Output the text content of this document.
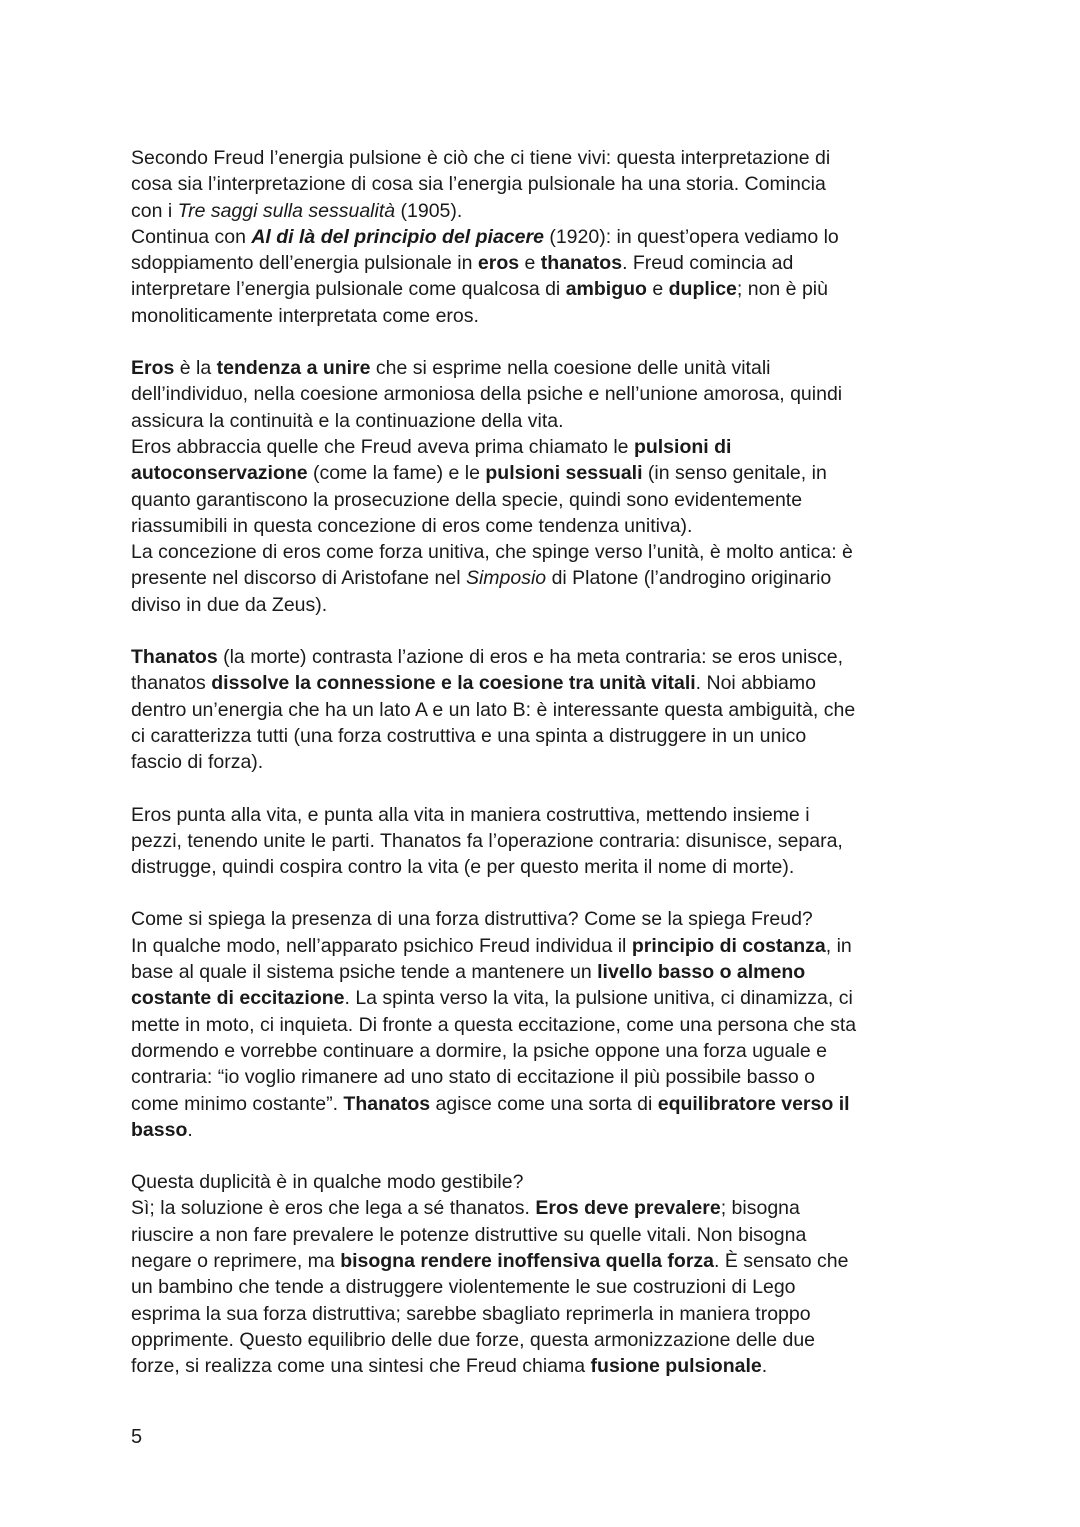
Secondo Freud l’energia pulsione è ciò che ci tiene vivi: questa interpretazione di
cosa sia l’interpretazione di cosa sia l’energia pulsionale ha una storia. Comincia
con i Tre saggi sulla sessualità (1905).
Continua con Al di là del principio del piacere (1920): in quest’opera vediamo lo
sdoppiamento dell’energia pulsionale in eros e thanatos. Freud comincia ad
interpretare l’energia pulsionale come qualcosa di ambiguo e duplice; non è più
monoliticamente interpretata come eros.
Eros è la tendenza a unire che si esprime nella coesione delle unità vitali
dell’individuo, nella coesione armoniosa della psiche e nell’unione amorosa, quindi
assicura la continuità e la continuazione della vita.
Eros abbraccia quelle che Freud aveva prima chiamato le pulsioni di
autoconservazione (come la fame) e le pulsioni sessuali (in senso genitale, in
quanto garantiscono la prosecuzione della specie, quindi sono evidentemente
riassumibili in questa concezione di eros come tendenza unitiva).
La concezione di eros come forza unitiva, che spinge verso l’unità, è molto antica: è
presente nel discorso di Aristofane nel Simposio di Platone (l’androgino originario
diviso in due da Zeus).
Thanatos (la morte) contrasta l’azione di eros e ha meta contraria: se eros unisce,
thanatos dissolve la connessione e la coesione tra unità vitali. Noi abbiamo
dentro un’energia che ha un lato A e un lato B: è interessante questa ambiguità, che
ci caratterizza tutti (una forza costruttiva e una spinta a distruggere in un unico
fascio di forza).
Eros punta alla vita, e punta alla vita in maniera costruttiva, mettendo insieme i
pezzi, tenendo unite le parti. Thanatos fa l’operazione contraria: disunisce, separa,
distrugge, quindi cospira contro la vita (e per questo merita il nome di morte).
Come si spiega la presenza di una forza distruttiva? Come se la spiega Freud?
In qualche modo, nell’apparato psichico Freud individua il principio di costanza, in
base al quale il sistema psiche tende a mantenere un livello basso o almeno
costante di eccitazione. La spinta verso la vita, la pulsione unitiva, ci dinamizza, ci
mette in moto, ci inquieta. Di fronte a questa eccitazione, come una persona che sta
dormendo e vorrebbe continuare a dormire, la psiche oppone una forza uguale e
contraria: “io voglio rimanere ad uno stato di eccitazione il più possibile basso o
come minimo costante”. Thanatos agisce come una sorta di equilibratore verso il
basso.
Questa duplicità è in qualche modo gestibile?
Sì; la soluzione è eros che lega a sé thanatos. Eros deve prevalere; bisogna
riuscire a non fare prevalere le potenze distruttive su quelle vitali. Non bisogna
negare o reprimere, ma bisogna rendere inoffensiva quella forza. È sensato che
un bambino che tende a distruggere violentemente le sue costruzioni di Lego
esprima la sua forza distruttiva; sarebbe sbagliato reprimerla in maniera troppo
opprimente. Questo equilibrio delle due forze, questa armonizzazione delle due
forze, si realizza come una sintesi che Freud chiama fusione pulsionale.
5
